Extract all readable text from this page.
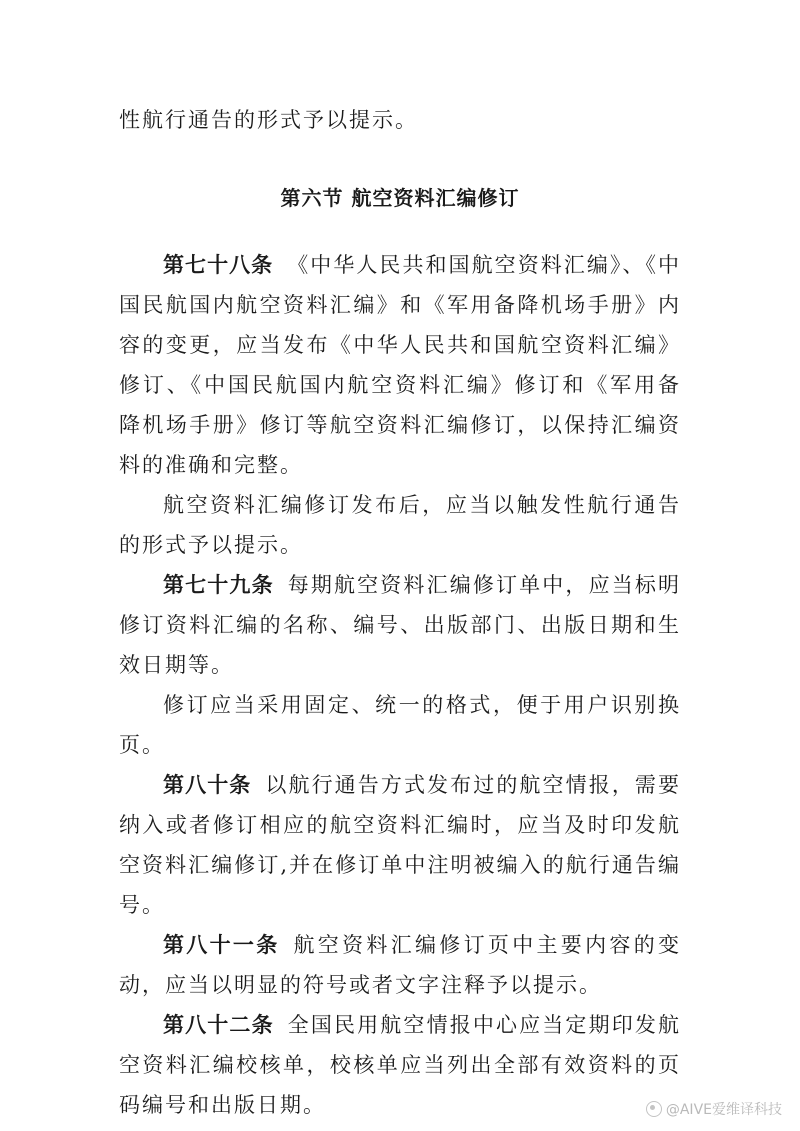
性航行通告的形式予以提示。
第六节 航空资料汇编修订

第七十八条 《中华人民共和国航空资料汇编》、《中国民航国内航空资料汇编》和《军用备降机场手册》内容的变更，应当发布《中华人民共和国航空资料汇编》修订、《中国民航国内航空资料汇编》修订和《军用备降机场手册》修订等航空资料汇编修订，以保持汇编资料的准确和完整。

航空资料汇编修订发布后，应当以触发性航行通告的形式予以提示。

第七十九条 每期航空资料汇编修订单中，应当标明修订资料汇编的名称、编号、出版部门、出版日期和生效日期等。

修订应当采用固定、统一的格式，便于用户识别换页。

第八十条 以航行通告方式发布过的航空情报，需要纳入或者修订相应的航空资料汇编时，应当及时印发航空资料汇编修订,并在修订单中注明被编入的航行通告编号。

第八十一条 航空资料汇编修订页中主要内容的变动，应当以明显的符号或者文字注释予以提示。

第八十二条 全国民用航空情报中心应当定期印发航空资料汇编校核单，校核单应当列出全部有效资料的页码编号和出版日期。	@AIVE爱维译科技
